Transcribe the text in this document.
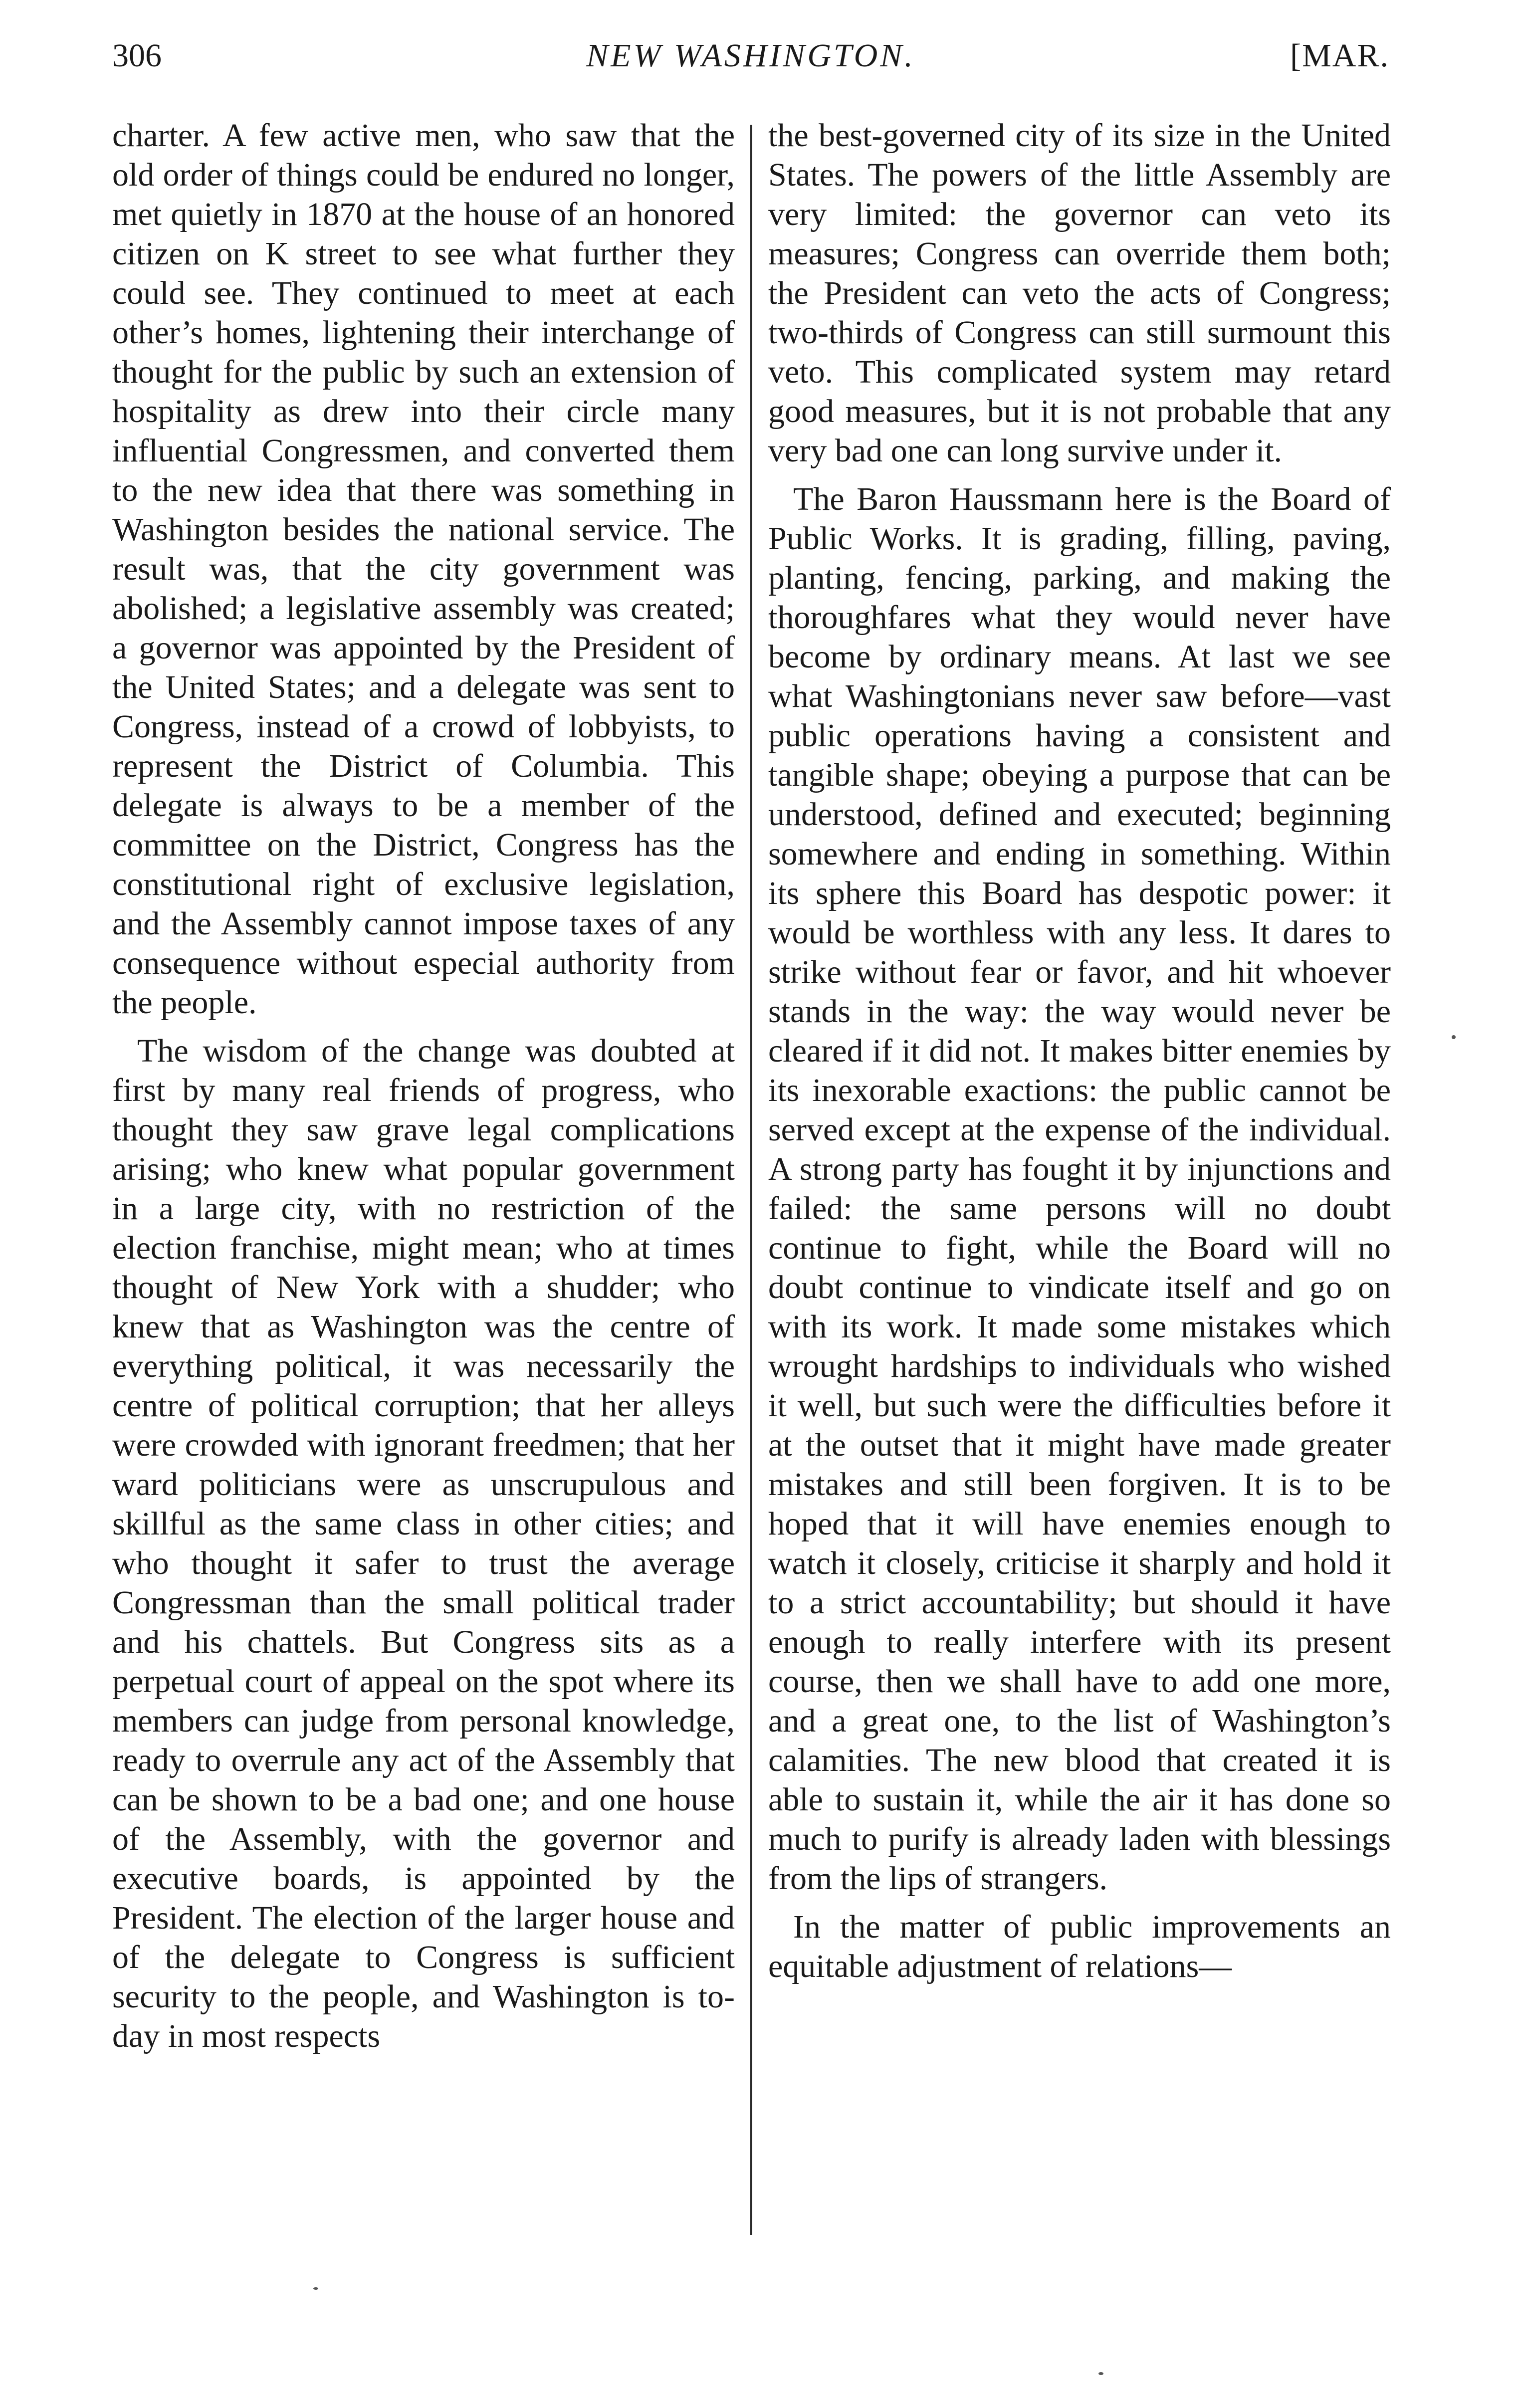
306	NEW WASHINGTON.	[MAR.

charter. A few active men, who saw that the old order of things could be endured no longer, met quietly in 1870 at the house of an honored citizen on K street to see what further they could see. They continued to meet at each other’s homes, lightening their interchange of thought for the public by such an extension of hospitality as drew into their circle many influential Congressmen, and converted them to the new idea that there was something in Washington besides the national service. The result was, that the city government was abolished; a legislative assembly was created; a governor was appointed by the President of the United States; and a delegate was sent to Congress, instead of a crowd of lobbyists, to represent the District of Columbia. This delegate is always to be a member of the committee on the District, Congress has the constitutional right of exclusive legislation, and the Assembly cannot impose taxes of any consequence without especial authority from the people.

The wisdom of the change was doubted at first by many real friends of progress, who thought they saw grave legal complications arising; who knew what popular government in a large city, with no restriction of the election franchise, might mean; who at times thought of New York with a shudder; who knew that as Washington was the centre of everything political, it was necessarily the centre of political corruption; that her alleys were crowded with ignorant freedmen; that her ward politicians were as unscrupulous and skillful as the same class in other cities; and who thought it safer to trust the average Congressman than the small political trader and his chattels. But Congress sits as a perpetual court of appeal on the spot where its members can judge from personal knowledge, ready to overrule any act of the Assembly that can be shown to be a bad one; and one house of the Assembly, with the governor and executive boards, is appointed by the President. The election of the larger house and of the delegate to Congress is sufficient security to the people, and Washington is to-day in most respects

the best-governed city of its size in the United States. The powers of the little Assembly are very limited: the governor can veto its measures; Congress can override them both; the President can veto the acts of Congress; two-thirds of Congress can still surmount this veto. This complicated system may retard good measures, but it is not probable that any very bad one can long survive under it.

The Baron Haussmann here is the Board of Public Works. It is grading, filling, paving, planting, fencing, parking, and making the thoroughfares what they would never have become by ordinary means. At last we see what Washingtonians never saw before—vast public operations having a consistent and tangible shape; obeying a purpose that can be understood, defined and executed; beginning somewhere and ending in something. Within its sphere this Board has despotic power: it would be worthless with any less. It dares to strike without fear or favor, and hit whoever stands in the way: the way would never be cleared if it did not. It makes bitter enemies by its inexorable exactions: the public cannot be served except at the expense of the individual. A strong party has fought it by injunctions and failed: the same persons will no doubt continue to fight, while the Board will no doubt continue to vindicate itself and go on with its work. It made some mistakes which wrought hardships to individuals who wished it well, but such were the difficulties before it at the outset that it might have made greater mistakes and still been forgiven. It is to be hoped that it will have enemies enough to watch it closely, criticise it sharply and hold it to a strict accountability; but should it have enough to really interfere with its present course, then we shall have to add one more, and a great one, to the list of Washington’s calamities. The new blood that created it is able to sustain it, while the air it has done so much to purify is already laden with blessings from the lips of strangers.

In the matter of public improvements an equitable adjustment of relations—
